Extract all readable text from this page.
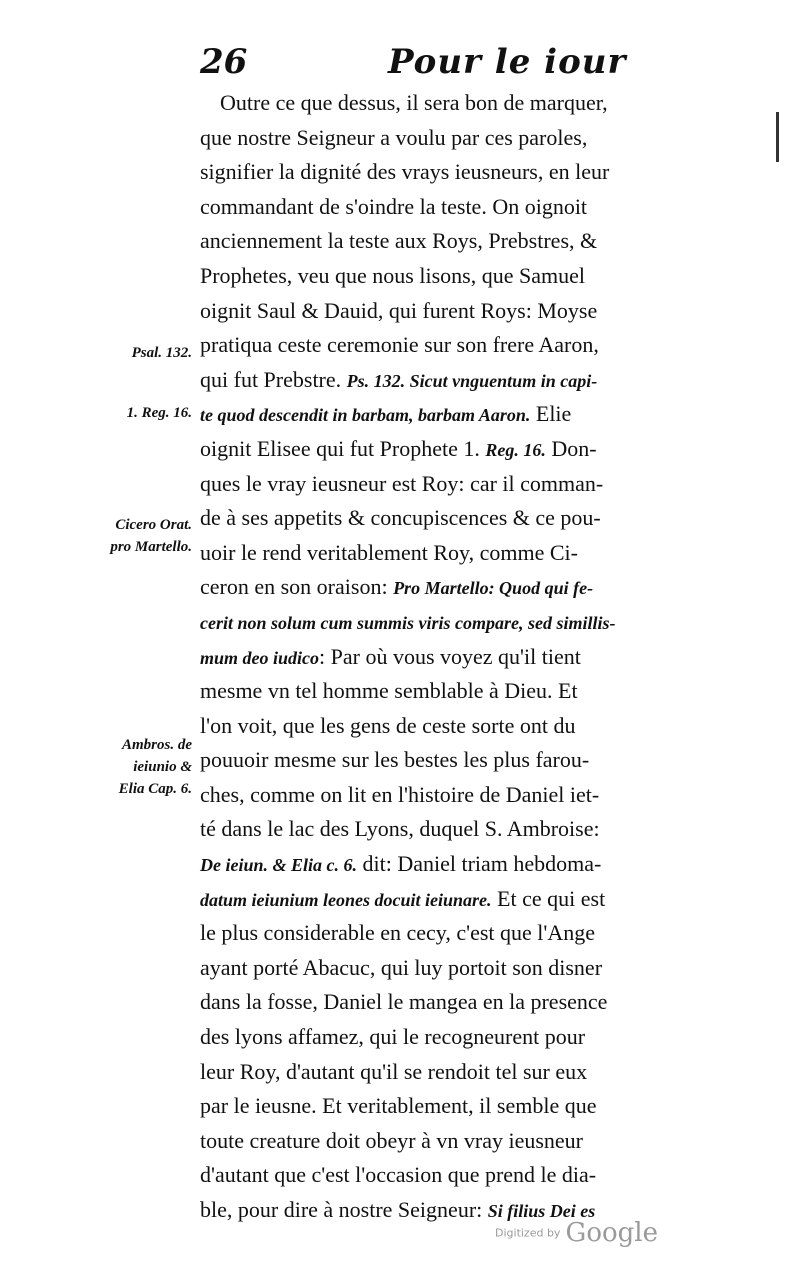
26	Pour le iour
Outre ce que dessus, il sera bon de marquer,
que nostre Seigneur a voulu par ces paroles,
signifier la dignité des vrays ieusneurs, en leur
commandant de s'oindre la teste. On oignoit
anciennement la teste aux Roys, Prebstres, &
Prophetes, veu que nous lisons, que Samuel
oignit Saul & Dauid, qui furent Roys: Moyse
pratiqua ceste ceremonie sur son frere Aaron,
qui fut Prebstre. Ps. 132. Sicut vnguentum in capi-
te quod descendit in barbam, barbam Aaron. Elie
oignit Elisee qui fut Prophete 1. Reg. 16. Don-
ques le vray ieusneur est Roy: car il comman-
de à ses appetits & concupiscences & ce pou-
uoir le rend veritablement Roy, comme Ci-
ceron en son oraison: Pro Martello: Quod qui fe-
cerit non solum cum summis viris compare, sed simillis-
mum deo iudico: Par où vous voyez qu'il tient
mesme vn tel homme semblable à Dieu. Et
l'on voit, que les gens de ceste sorte ont du
pouuoir mesme sur les bestes les plus farou-
ches, comme on lit en l'histoire de Daniel iet-
té dans le lac des Lyons, duquel S. Ambroise:
De ieiun. & Elia c. 6. dit: Daniel triam hebdoma-
datum ieiunium leones docuit ieiunare. Et ce qui est
le plus considerable en cecy, c'est que l'Ange
ayant porté Abacuc, qui luy portoit son disner
dans la fosse, Daniel le mangea en la presence
des lyons affamez, qui le recogneurent pour
leur Roy, d'autant qu'il se rendoit tel sur eux
par le ieusne. Et veritablement, il semble que
toute creature doit obeyr à vn vray ieusneur
d'autant que c'est l'occasion que prend le dia-
ble, pour dire à nostre Seigneur: Si filius Dei es
Psal. 132.
1. Reg. 16.
Cicero Orat.
pro Martello.
Ambros. de
ieiunio &
Elia Cap. 6.
Digitized by Google
